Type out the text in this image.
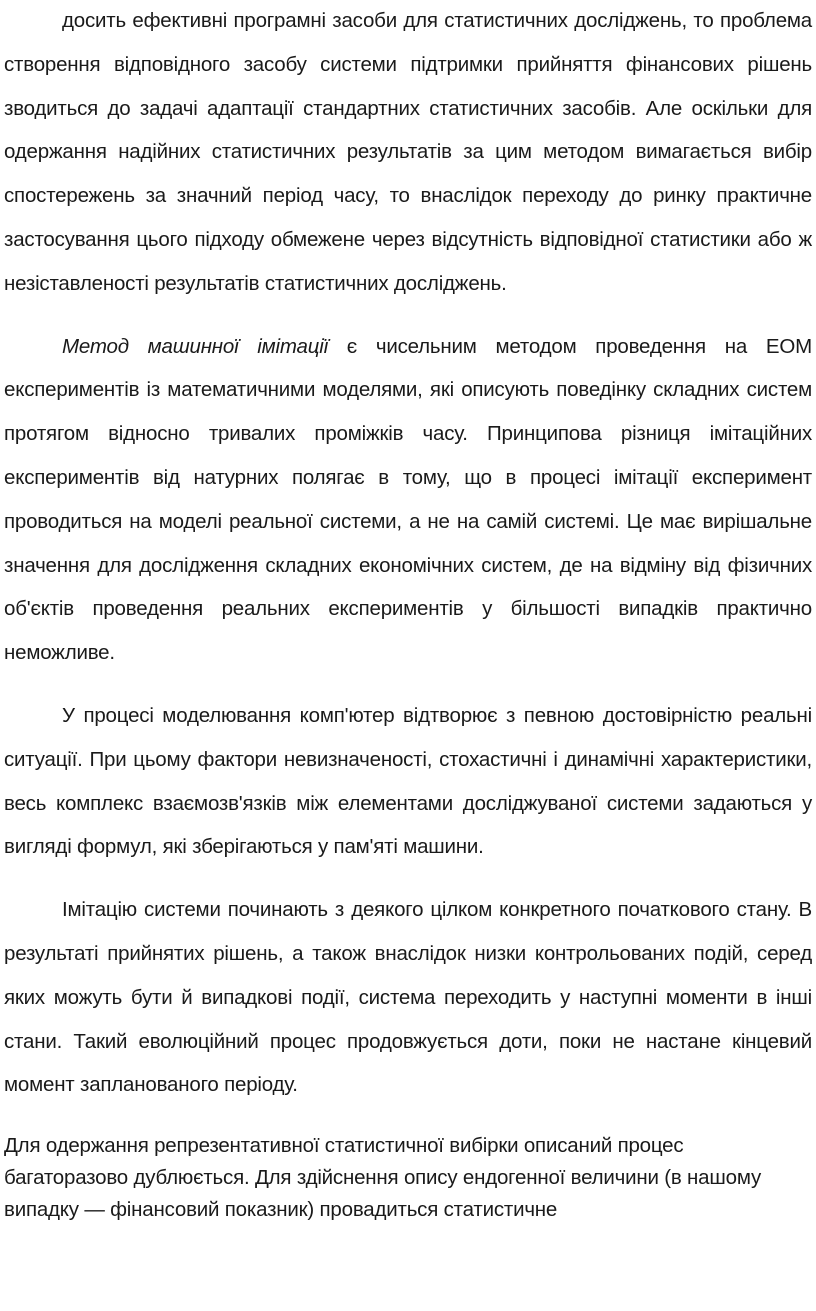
досить ефективні програмні засоби для статистичних досліджень, то проблема створення відповідного засобу системи підтримки прийняття фінансових рішень зводиться до задачі адаптації стандартних статистичних засобів. Але оскільки для одержання надійних статистичних результатів за цим методом вимагається вибір спостережень за значний період часу, то внаслідок переходу до ринку практичне застосування цього підходу обмежене через відсутність відповідної статистики або ж незіставленості результатів статистичних досліджень.

Метод машинної імітації є чисельним методом проведення на ЕОМ експериментів із математичними моделями, які описують поведінку складних систем протягом відносно тривалих проміжків часу. Принципова різниця імітаційних експериментів від натурних полягає в тому, що в процесі імітації експеримент проводиться на моделі реальної системи, а не на самій системі. Це має вирішальне значення для дослідження складних економічних систем, де на відміну від фізичних об'єктів проведення реальних експериментів у більшості випадків практично неможливе.

У процесі моделювання комп'ютер відтворює з певною достовірністю реальні ситуації. При цьому фактори невизначеності, стохастичні і динамічні характеристики, весь комплекс взаємозв'язків між елементами досліджуваної системи задаються у вигляді формул, які зберігаються у пам'яті машини.

Імітацію системи починають з деякого цілком конкретного початкового стану. В результаті прийнятих рішень, а також внаслідок низки контрольованих подій, серед яких можуть бути й випадкові події, система переходить у наступні моменти в інші стани. Такий еволюційний процес продовжується доти, поки не настане кінцевий момент запланованого періоду.

Для одержання репрезентативної статистичної вибірки описаний процес багаторазово дублюється. Для здійснення опису ендогенної величини (в нашому випадку — фінансовий показник) провадиться статистичне
